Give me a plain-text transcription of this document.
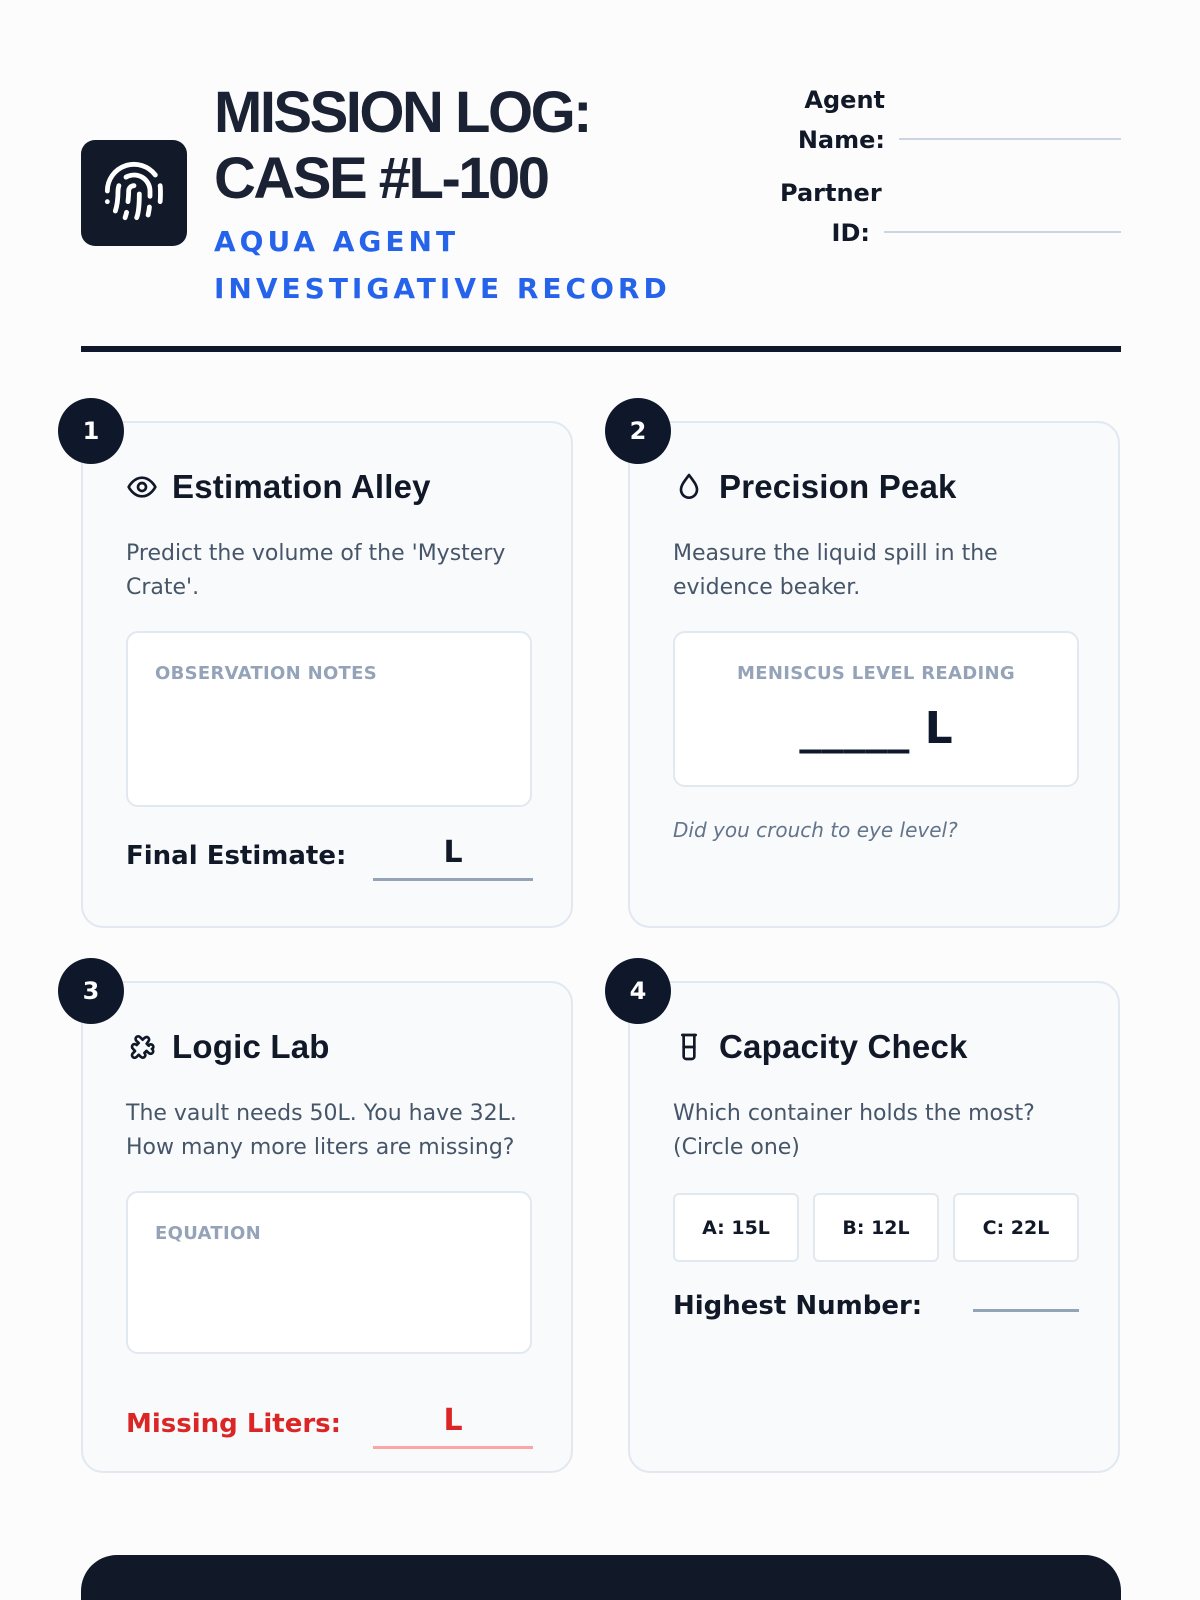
MISSION LOG:
CASE #L-100
AQUA AGENT INVESTIGATIVE RECORD
Agent
Name:
Partner
ID:
1
Estimation Alley
Predict the volume of the 'Mystery Crate'.
OBSERVATION NOTES
Final Estimate:	L
2
Precision Peak
Measure the liquid spill in the evidence beaker.
MENISCUS LEVEL READING
_____ L
Did you crouch to eye level?
3
Logic Lab
The vault needs 50L. You have 32L. How many more liters are missing?
EQUATION
Missing Liters:	L
4
Capacity Check
Which container holds the most? (Circle one)
A: 15L	B: 12L	C: 22L
Highest Number:
